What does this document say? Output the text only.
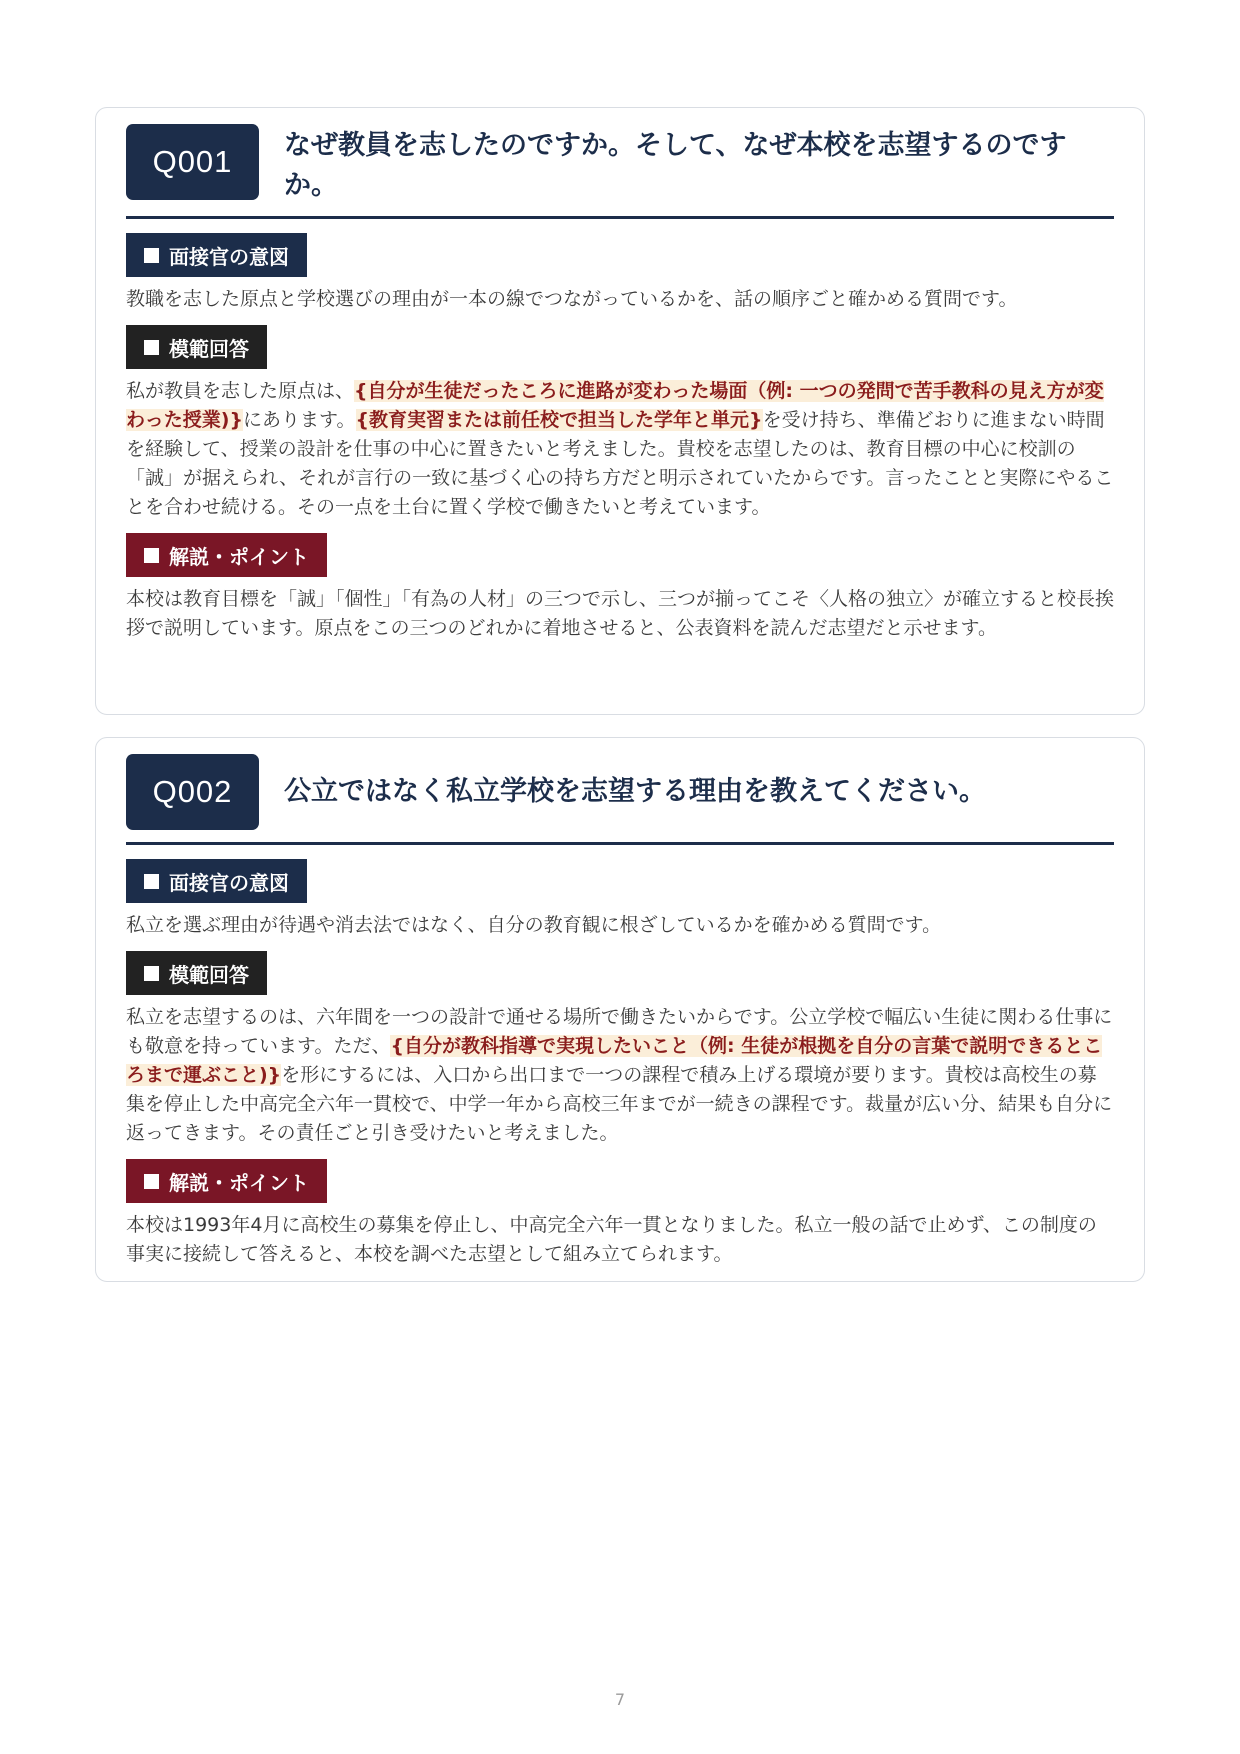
Q001	なぜ教員を志したのですか。そして、なぜ本校を志望するのですか。
面接官の意図

教職を志した原点と学校選びの理由が一本の線でつながっているかを、話の順序ごと確かめる質問です。

模範回答

私が教員を志した原点は、{自分が生徒だったころに進路が変わった場面（例: 一つの発問で苦手教科の見え方が変わった授業)}にあります。{教育実習または前任校で担当した学年と単元}を受け持ち、準備どおりに進まない時間を経験して、授業の設計を仕事の中心に置きたいと考えました。貴校を志望したのは、教育目標の中心に校訓の「誠」が据えられ、それが言行の一致に基づく心の持ち方だと明示されていたからです。言ったことと実際にやることを合わせ続ける。その一点を土台に置く学校で働きたいと考えています。

解説・ポイント

本校は教育目標を「誠」「個性」「有為の人材」の三つで示し、三つが揃ってこそ〈人格の独立〉が確立すると校長挨拶で説明しています。原点をこの三つのどれかに着地させると、公表資料を読んだ志望だと示せます。

Q002	公立ではなく私立学校を志望する理由を教えてください。
面接官の意図

私立を選ぶ理由が待遇や消去法ではなく、自分の教育観に根ざしているかを確かめる質問です。

模範回答

私立を志望するのは、六年間を一つの設計で通せる場所で働きたいからです。公立学校で幅広い生徒に関わる仕事にも敬意を持っています。ただ、{自分が教科指導で実現したいこと（例: 生徒が根拠を自分の言葉で説明できるところまで運ぶこと)}を形にするには、入口から出口まで一つの課程で積み上げる環境が要ります。貴校は高校生の募集を停止した中高完全六年一貫校で、中学一年から高校三年までが一続きの課程です。裁量が広い分、結果も自分に返ってきます。その責任ごと引き受けたいと考えました。

解説・ポイント

本校は1993年4月に高校生の募集を停止し、中高完全六年一貫となりました。私立一般の話で止めず、この制度の事実に接続して答えると、本校を調べた志望として組み立てられます。

7
